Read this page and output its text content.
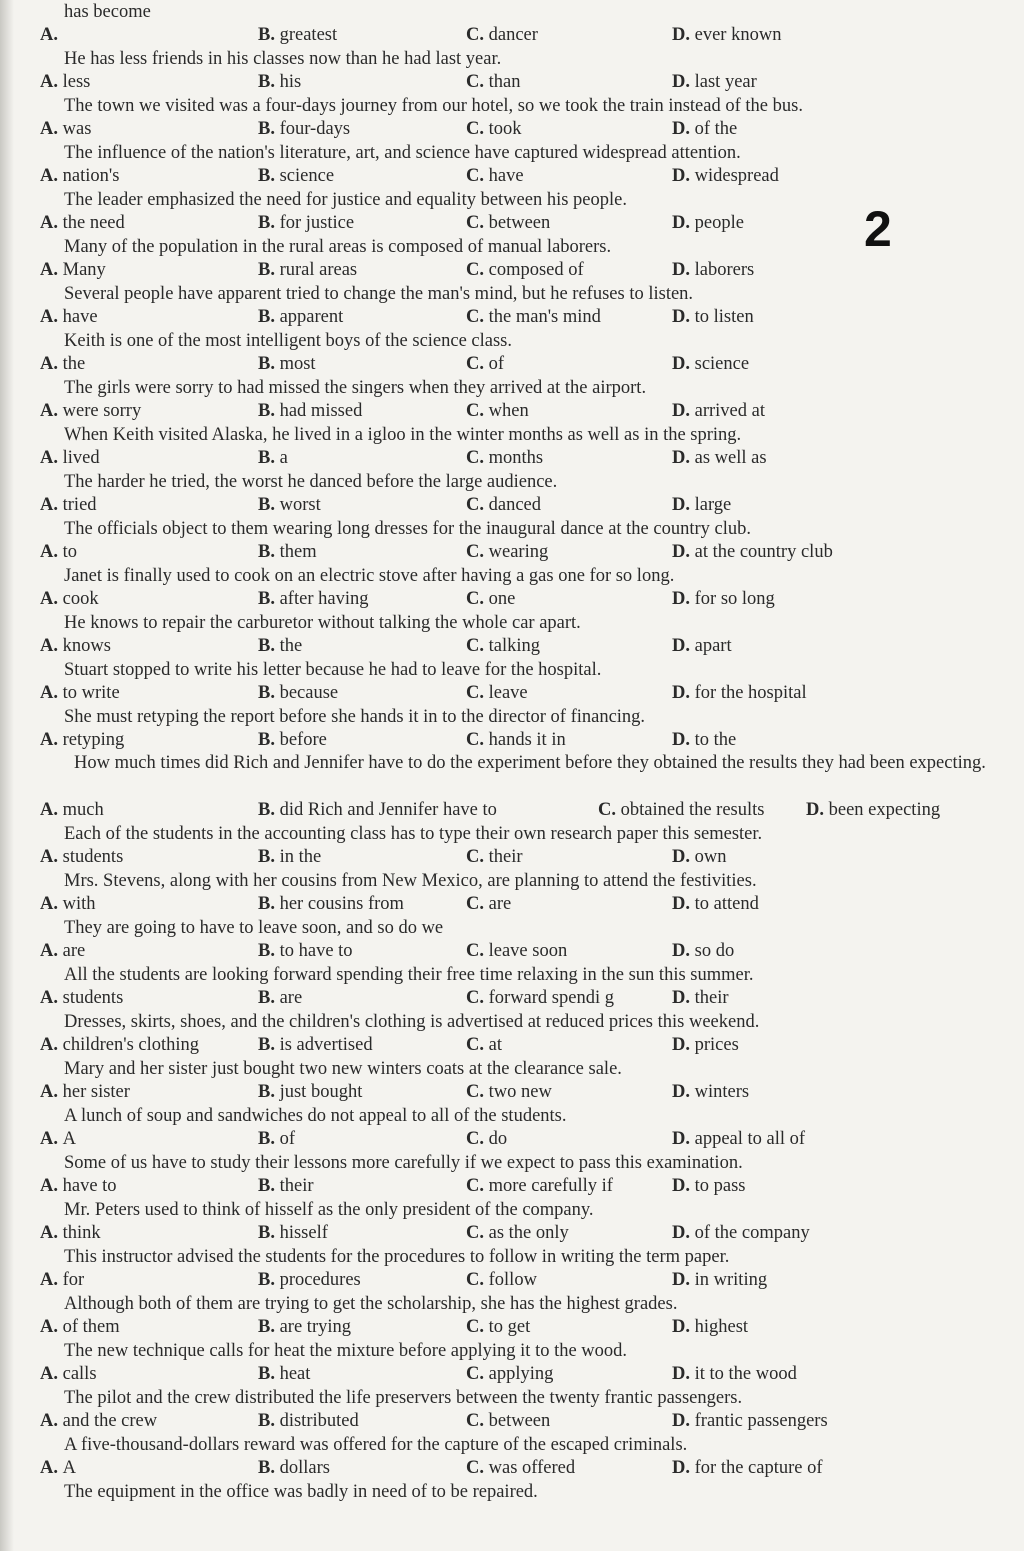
2
has become
A.	B. greatest	C. dancer	D. ever known
He has less friends in his classes now than he had last year.
A. less	B. his	C. than	D. last year
The town we visited was a four-days journey from our hotel, so we took the train instead of the bus.
A. was	B. four-days	C. took	D. of the
The influence of the nation's literature, art, and science have captured widespread attention.
A. nation's	B. science	C. have	D. widespread
The leader emphasized the need for justice and equality between his people.
A. the need	B. for justice	C. between	D. people
Many of the population in the rural areas is composed of manual laborers.
A. Many	B. rural areas	C. composed of	D. laborers
Several people have apparent tried to change the man's mind, but he refuses to listen.
A. have	B. apparent	C. the man's mind	D. to listen
Keith is one of the most intelligent boys of the science class.
A. the	B. most	C. of	D. science
The girls were sorry to had missed the singers when they arrived at the airport.
A. were sorry	B. had missed	C. when	D. arrived at
When Keith visited Alaska, he lived in a igloo in the winter months as well as in the spring.
A. lived	B. a	C. months	D. as well as
The harder he tried, the worst he danced before the large audience.
A. tried	B. worst	C. danced	D. large
The officials object to them wearing long dresses for the inaugural dance at the country club.
A. to	B. them	C. wearing	D. at the country club
Janet is finally used to cook on an electric stove after having a gas one for so long.
A. cook	B. after having	C. one	D. for so long
He knows to repair the carburetor without talking the whole car apart.
A. knows	B. the	C. talking	D. apart
Stuart stopped to write his letter because he had to leave for the hospital.
A. to write	B. because	C. leave	D. for the hospital
She must retyping the report before she hands it in to the director of financing.
A. retyping	B. before	C. hands it in	D. to the
How much times did Rich and Jennifer have to do the experiment before they obtained the results they had been expecting.
A. much	B. did Rich and Jennifer have to	C. obtained the results D. been expecting
Each of the students in the accounting class has to type their own research paper this semester.
A. students	B. in the	C. their	D. own
Mrs. Stevens, along with her cousins from New Mexico, are planning to attend the festivities.
A. with	B. her cousins from	C. are	D. to attend
They are going to have to leave soon, and so do we
A. are	B. to have to	C. leave soon	D. so do
All the students are looking forward spending their free time relaxing in the sun this summer.
A. students	B. are	C. forward spendi g	D. their
Dresses, skirts, shoes, and the children's clothing is advertised at reduced prices this weekend.
A. children's clothing	B. is advertised	C. at	D. prices
Mary and her sister just bought two new winters coats at the clearance sale.
A. her sister	B. just bought	C. two new	D. winters
A lunch of soup and sandwiches do not appeal to all of the students.
A. A	B. of	C. do	D. appeal to all of
Some of us have to study their lessons more carefully if we expect to pass this examination.
A. have to	B. their	C. more carefully if	D. to pass
Mr. Peters used to think of hisself as the only president of the company.
A. think	B. hisself	C. as the only	D. of the company
This instructor advised the students for the procedures to follow in writing the term paper.
A. for	B. procedures	C. follow	D. in writing
Although both of them are trying to get the scholarship, she has the highest grades.
A. of them	B. are trying	C. to get	D. highest
The new technique calls for heat the mixture before applying it to the wood.
A. calls	B. heat	C. applying	D. it to the wood
The pilot and the crew distributed the life preservers between the twenty frantic passengers.
A. and the crew	B. distributed	C. between	D. frantic passengers
A five-thousand-dollars reward was offered for the capture of the escaped criminals.
A. A	B. dollars	C. was offered	D. for the capture of
The equipment in the office was badly in need of to be repaired.
